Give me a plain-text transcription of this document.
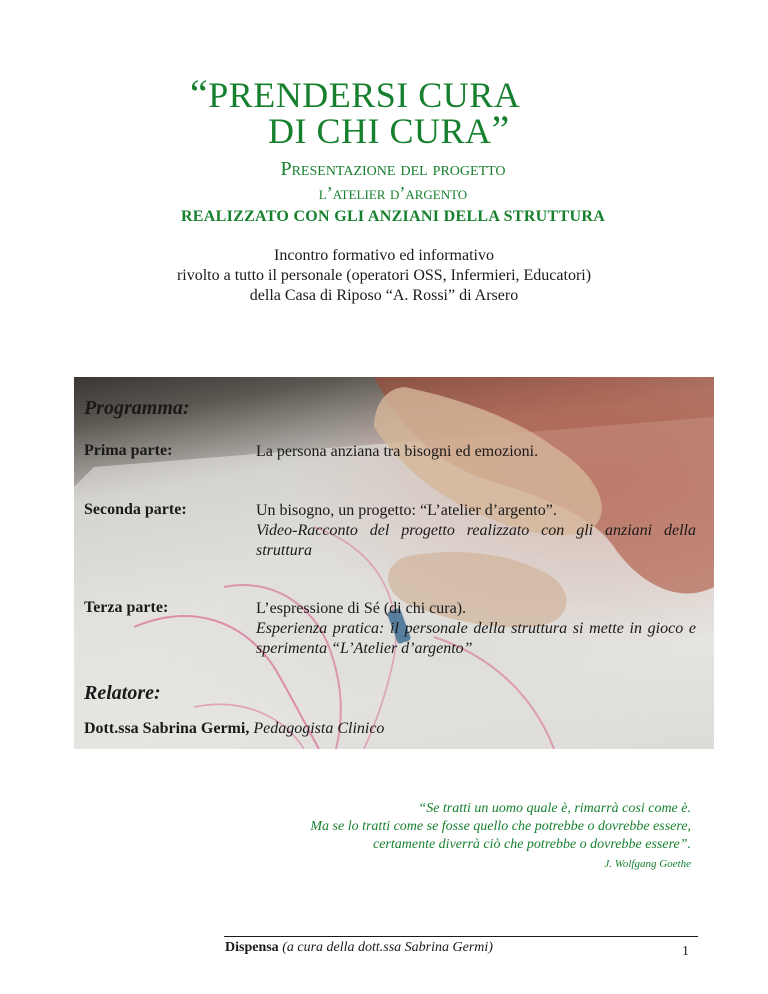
“PRENDERSI CURA
DI CHI CURA”
Presentazione del progetto
l’atelier d’argento
REALIZZATO CON GLI ANZIANI DELLA STRUTTURA
Incontro formativo ed informativo
rivolto a tutto il personale (operatori OSS, Infermieri, Educatori)
della Casa di Riposo “A. Rossi” di Arsero
Programma:
Prima parte:	La persona anziana tra bisogni ed emozioni.
Seconda parte:	Un bisogno, un progetto: “L’atelier d’argento”.
Video-Racconto del progetto realizzato con gli anziani della struttura
Terza parte:	L’espressione di Sé (di chi cura).
Esperienza pratica: il personale della struttura si mette in gioco e sperimenta “L’Atelier d’argento”
Relatore:
Dott.ssa Sabrina Germi, Pedagogista Clinico
“Se tratti un uomo quale è, rimarrà cosi come è.
Ma se lo tratti come se fosse quello che potrebbe o dovrebbe essere,
certamente diverrà ciò che potrebbe o dovrebbe essere”.
J. Wolfgang Goethe
Dispensa (a cura della dott.ssa Sabrina Germi)	1
